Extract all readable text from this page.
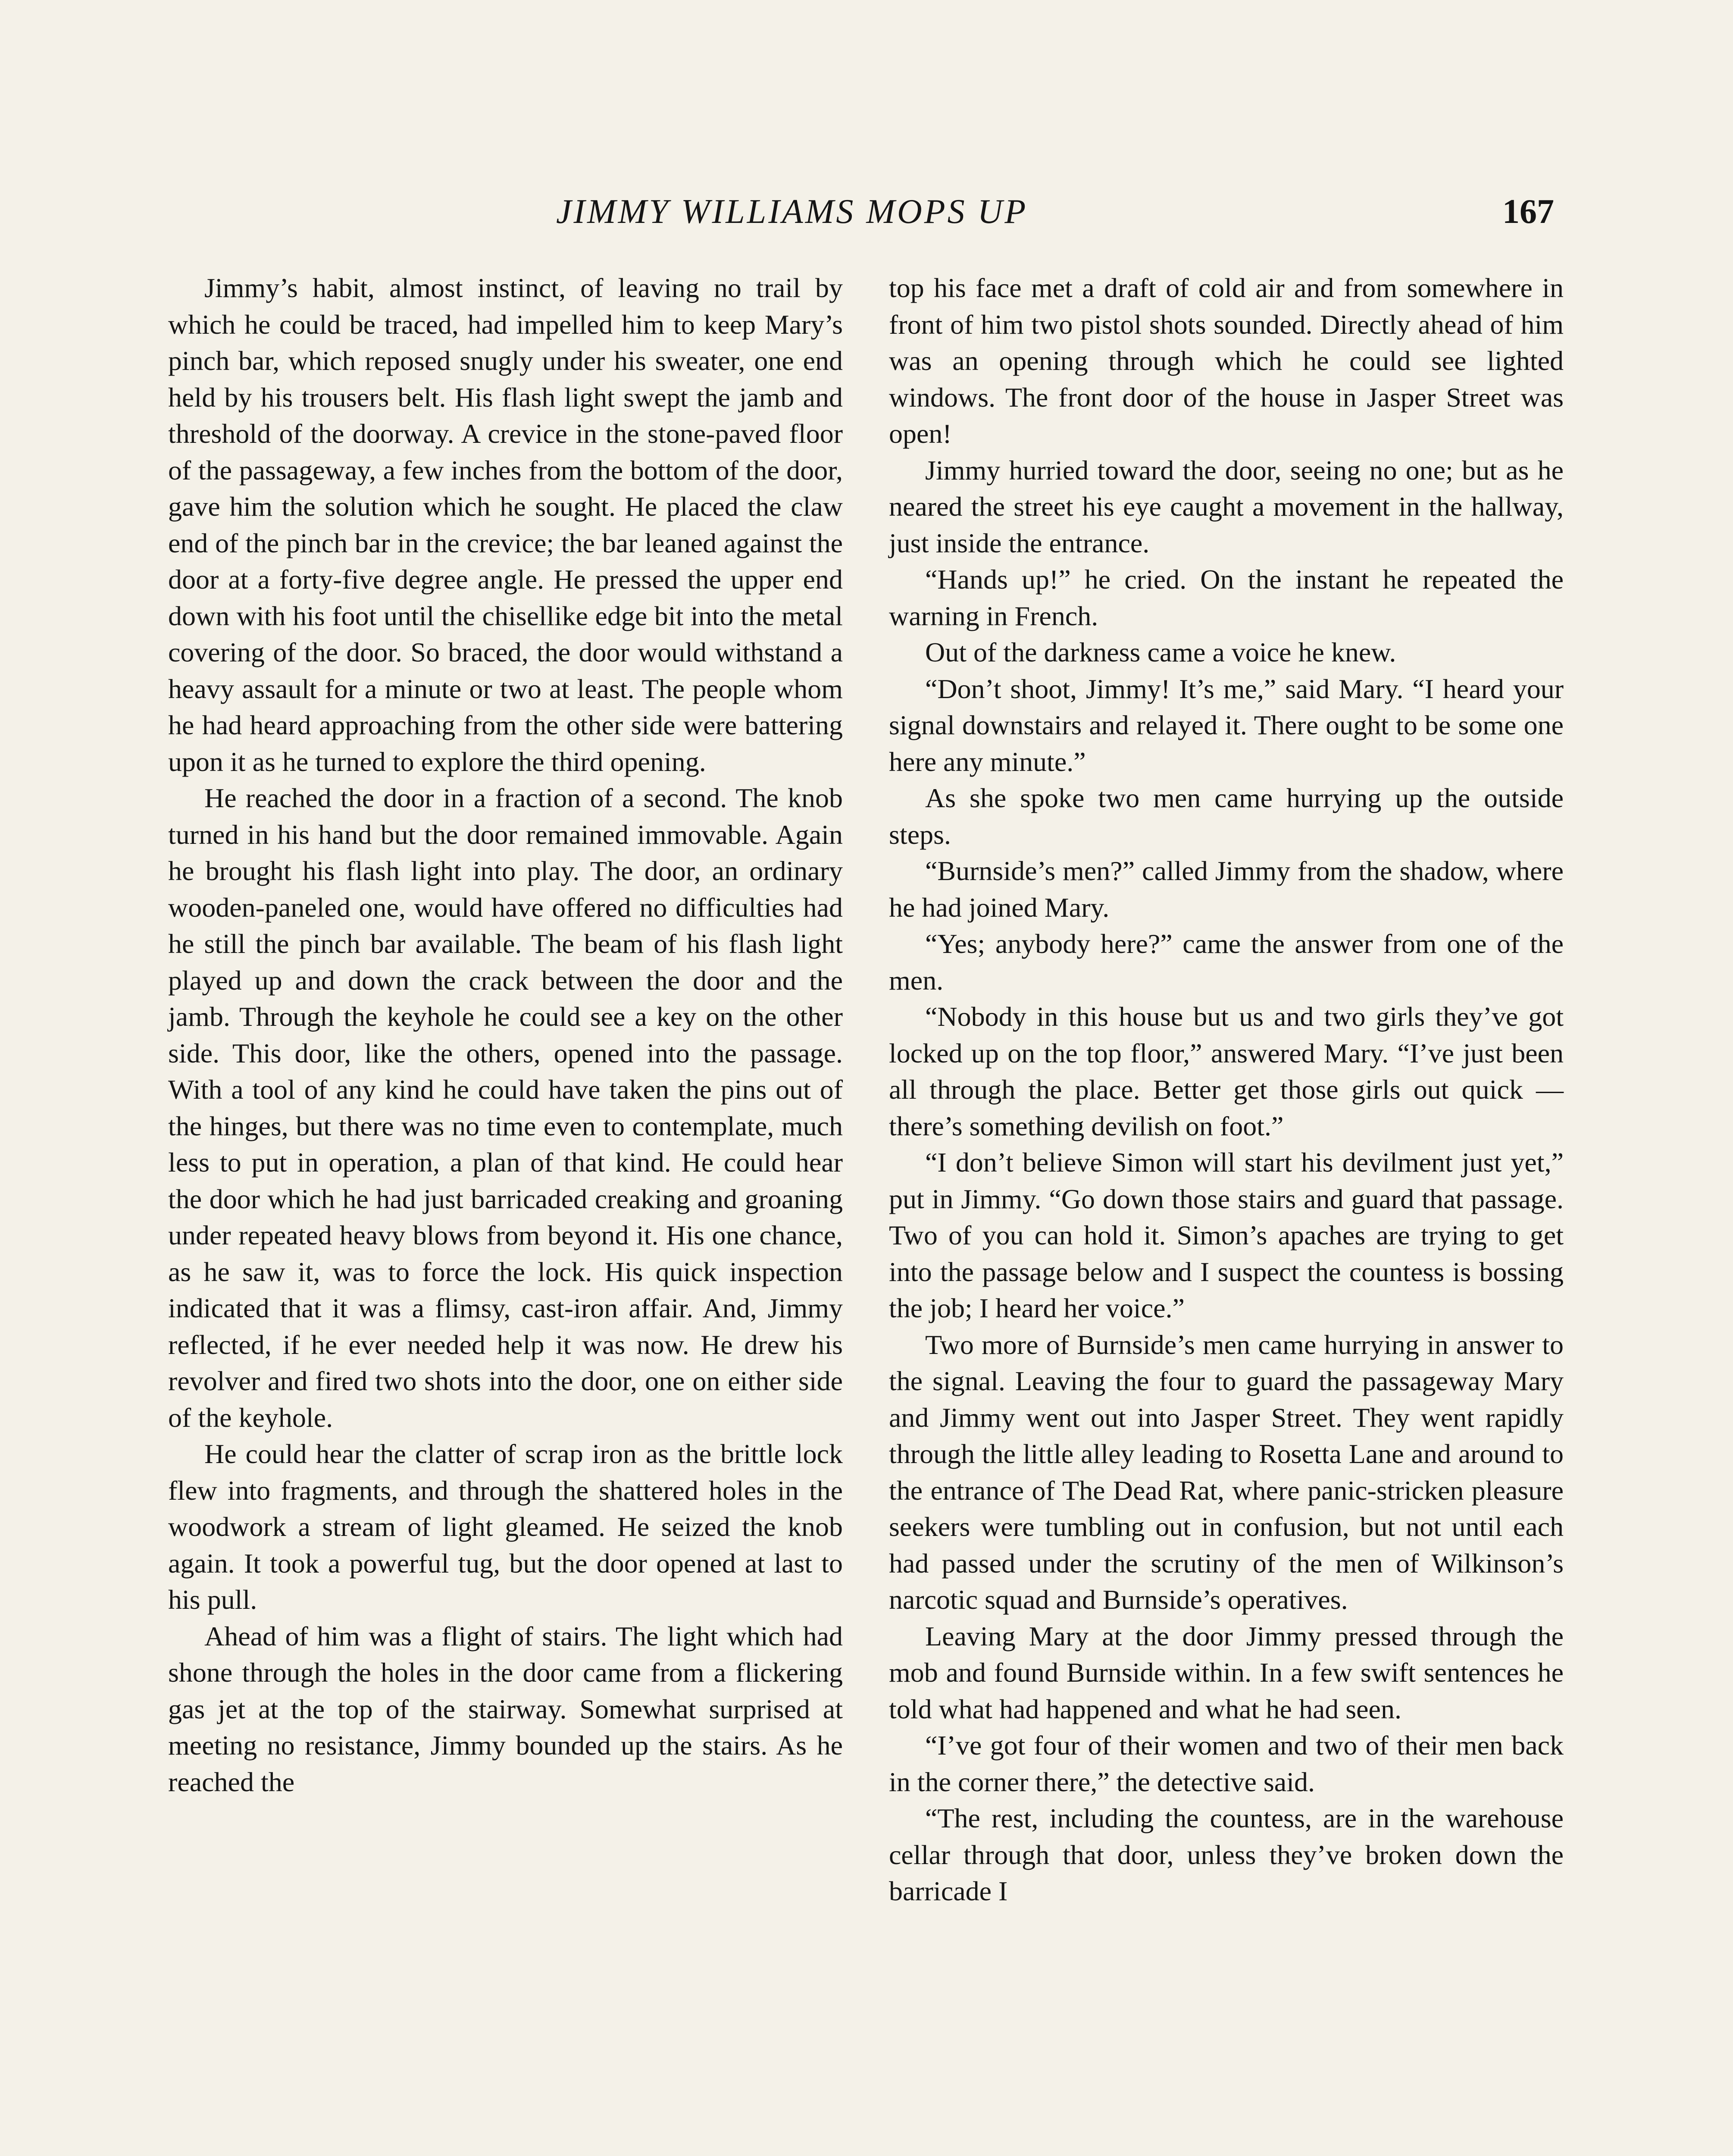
JIMMY WILLIAMS MOPS UP	167

Jimmy’s habit, almost instinct, of leaving no trail by which he could be traced, had impelled him to keep Mary’s pinch bar, which reposed snugly under his sweater, one end held by his trousers belt. His flash light swept the jamb and threshold of the doorway. A crevice in the stone-paved floor of the passageway, a few inches from the bottom of the door, gave him the solution which he sought. He placed the claw end of the pinch bar in the crevice; the bar leaned against the door at a forty-five degree angle. He pressed the upper end down with his foot until the chisellike edge bit into the metal covering of the door. So braced, the door would withstand a heavy assault for a minute or two at least. The people whom he had heard approaching from the other side were battering upon it as he turned to explore the third opening.

He reached the door in a fraction of a second. The knob turned in his hand but the door remained immovable. Again he brought his flash light into play. The door, an ordinary wooden-paneled one, would have offered no difficulties had he still the pinch bar available. The beam of his flash light played up and down the crack between the door and the jamb. Through the keyhole he could see a key on the other side. This door, like the others, opened into the passage. With a tool of any kind he could have taken the pins out of the hinges, but there was no time even to contemplate, much less to put in operation, a plan of that kind. He could hear the door which he had just barricaded creaking and groaning under repeated heavy blows from beyond it. His one chance, as he saw it, was to force the lock. His quick inspection indicated that it was a flimsy, cast-iron affair. And, Jimmy reflected, if he ever needed help it was now. He drew his revolver and fired two shots into the door, one on either side of the keyhole.

He could hear the clatter of scrap iron as the brittle lock flew into fragments, and through the shattered holes in the woodwork a stream of light gleamed. He seized the knob again. It took a powerful tug, but the door opened at last to his pull.

Ahead of him was a flight of stairs. The light which had shone through the holes in the door came from a flickering gas jet at the top of the stairway. Somewhat surprised at meeting no resistance, Jimmy bounded up the stairs. As he reached the

top his face met a draft of cold air and from somewhere in front of him two pistol shots sounded. Directly ahead of him was an opening through which he could see lighted windows. The front door of the house in Jasper Street was open!

Jimmy hurried toward the door, seeing no one; but as he neared the street his eye caught a movement in the hallway, just inside the entrance.

“Hands up!” he cried. On the instant he repeated the warning in French.

Out of the darkness came a voice he knew.

“Don’t shoot, Jimmy! It’s me,” said Mary. “I heard your signal downstairs and relayed it. There ought to be some one here any minute.”

As she spoke two men came hurrying up the outside steps.

“Burnside’s men?” called Jimmy from the shadow, where he had joined Mary.

“Yes; anybody here?” came the answer from one of the men.

“Nobody in this house but us and two girls they’ve got locked up on the top floor,” answered Mary. “I’ve just been all through the place. Better get those girls out quick —there’s something devilish on foot.”

“I don’t believe Simon will start his devilment just yet,” put in Jimmy. “Go down those stairs and guard that passage. Two of you can hold it. Simon’s apaches are trying to get into the passage below and I suspect the countess is bossing the job; I heard her voice.”

Two more of Burnside’s men came hurrying in answer to the signal. Leaving the four to guard the passageway Mary and Jimmy went out into Jasper Street. They went rapidly through the little alley leading to Rosetta Lane and around to the entrance of The Dead Rat, where panic-stricken pleasure seekers were tumbling out in confusion, but not until each had passed under the scrutiny of the men of Wilkinson’s narcotic squad and Burnside’s operatives.

Leaving Mary at the door Jimmy pressed through the mob and found Burnside within. In a few swift sentences he told what had happened and what he had seen.

“I’ve got four of their women and two of their men back in the corner there,” the detective said.

“The rest, including the countess, are in the warehouse cellar through that door, unless they’ve broken down the barricade I
